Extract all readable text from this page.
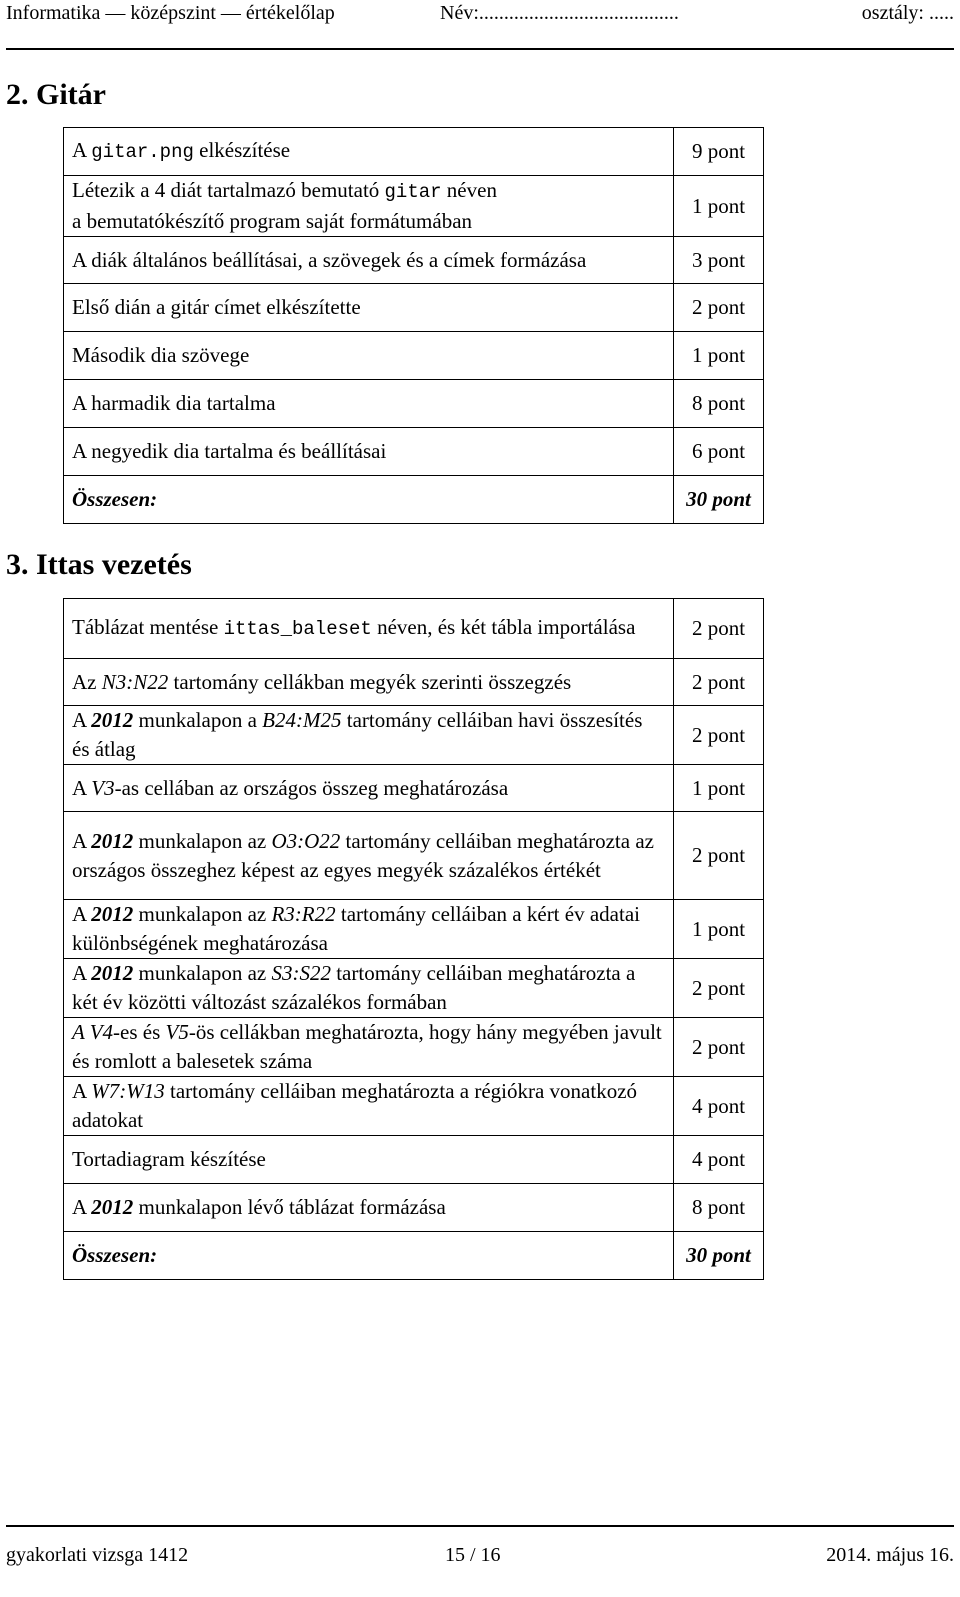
Informatika — középszint — értékelőlap	Név:........................................	osztály: .....
2. Gitár
A gitar.png elkészítése	9 pont	
Létezik a 4 diát tartalmazó bemutató gitar néven
a bemutatókészítő program saját formátumában	1 pont	
A diák általános beállításai, a szövegek és a címek formázása	3 pont	
Első dián a gitár címet elkészítette	2 pont	
Második dia szövege	1 pont	
A harmadik dia tartalma	8 pont	
A negyedik dia tartalma és beállításai	6 pont	
Összesen:	30 pont	
3. Ittas vezetés
Táblázat mentése ittas_baleset néven, és két tábla importálása	2 pont	
Az N3:N22 tartomány cellákban megyék szerinti összegzés	2 pont	
A 2012 munkalapon a B24:M25 tartomány celláiban havi összesítés és átlag	2 pont	
A V3-as cellában az országos összeg meghatározása	1 pont	
A 2012 munkalapon az O3:O22 tartomány celláiban meghatározta az országos összeghez képest az egyes megyék százalékos értékét	2 pont	
A 2012 munkalapon az R3:R22 tartomány celláiban a kért év adatai különbségének meghatározása	1 pont	
A 2012 munkalapon az S3:S22 tartomány celláiban meghatározta a két év közötti változást százalékos formában	2 pont	
A V4-es és V5-ös cellákban meghatározta, hogy hány megyében javult és romlott a balesetek száma	2 pont	
A W7:W13 tartomány celláiban meghatározta a régiókra vonatkozó adatokat	4 pont	
Tortadiagram készítése	4 pont	
A 2012 munkalapon lévő táblázat formázása	8 pont	
Összesen:	30 pont	
gyakorlati vizsga 1412	15 / 16	2014. május 16.
